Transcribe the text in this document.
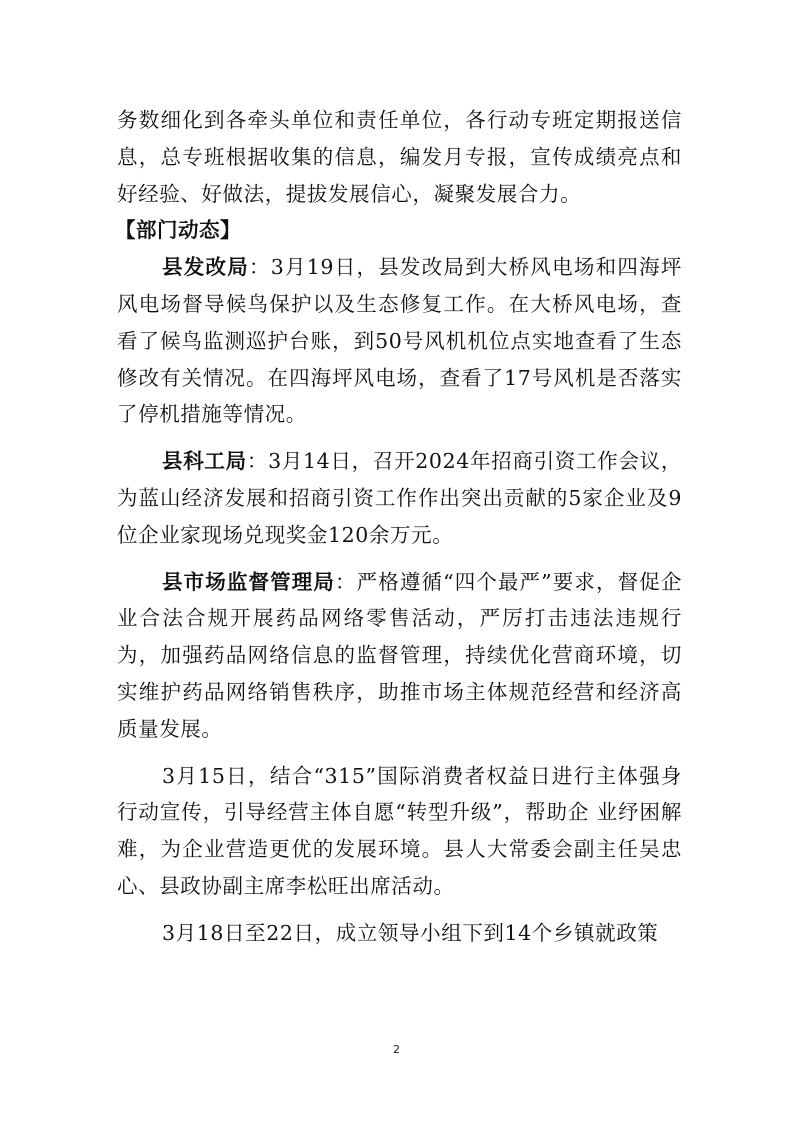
务数细化到各牵头单位和责任单位，各行动专班定期报送信息，总专班根据收集的信息，编发月专报，宣传成绩亮点和好经验、好做法，提拔发展信心，凝聚发展合力。

【部门动态】

县发改局：3月19日，县发改局到大桥风电场和四海坪风电场督导候鸟保护以及生态修复工作。在大桥风电场，查看了候鸟监测巡护台账，到50号风机机位点实地查看了生态修改有关情况。在四海坪风电场，查看了17号风机是否落实了停机措施等情况。

县科工局：3月14日，召开2024年招商引资工作会议，为蓝山经济发展和招商引资工作作出突出贡献的5家企业及9位企业家现场兑现奖金120余万元。

县市场监督管理局：严格遵循“四个最严”要求，督促企业合法合规开展药品网络零售活动，严厉打击违法违规行为，加强药品网络信息的监督管理，持续优化营商环境，切实维护药品网络销售秩序，助推市场主体规范经营和经济高质量发展。

3月15日，结合“315”国际消费者权益日进行主体强身行动宣传，引导经营主体自愿“转型升级”，帮助企 业纾困解难，为企业营造更优的发展环境。县人大常委会副主任吴忠心、县政协副主席李松旺出席活动。

3月18日至22日，成立领导小组下到14个乡镇就政策

2
